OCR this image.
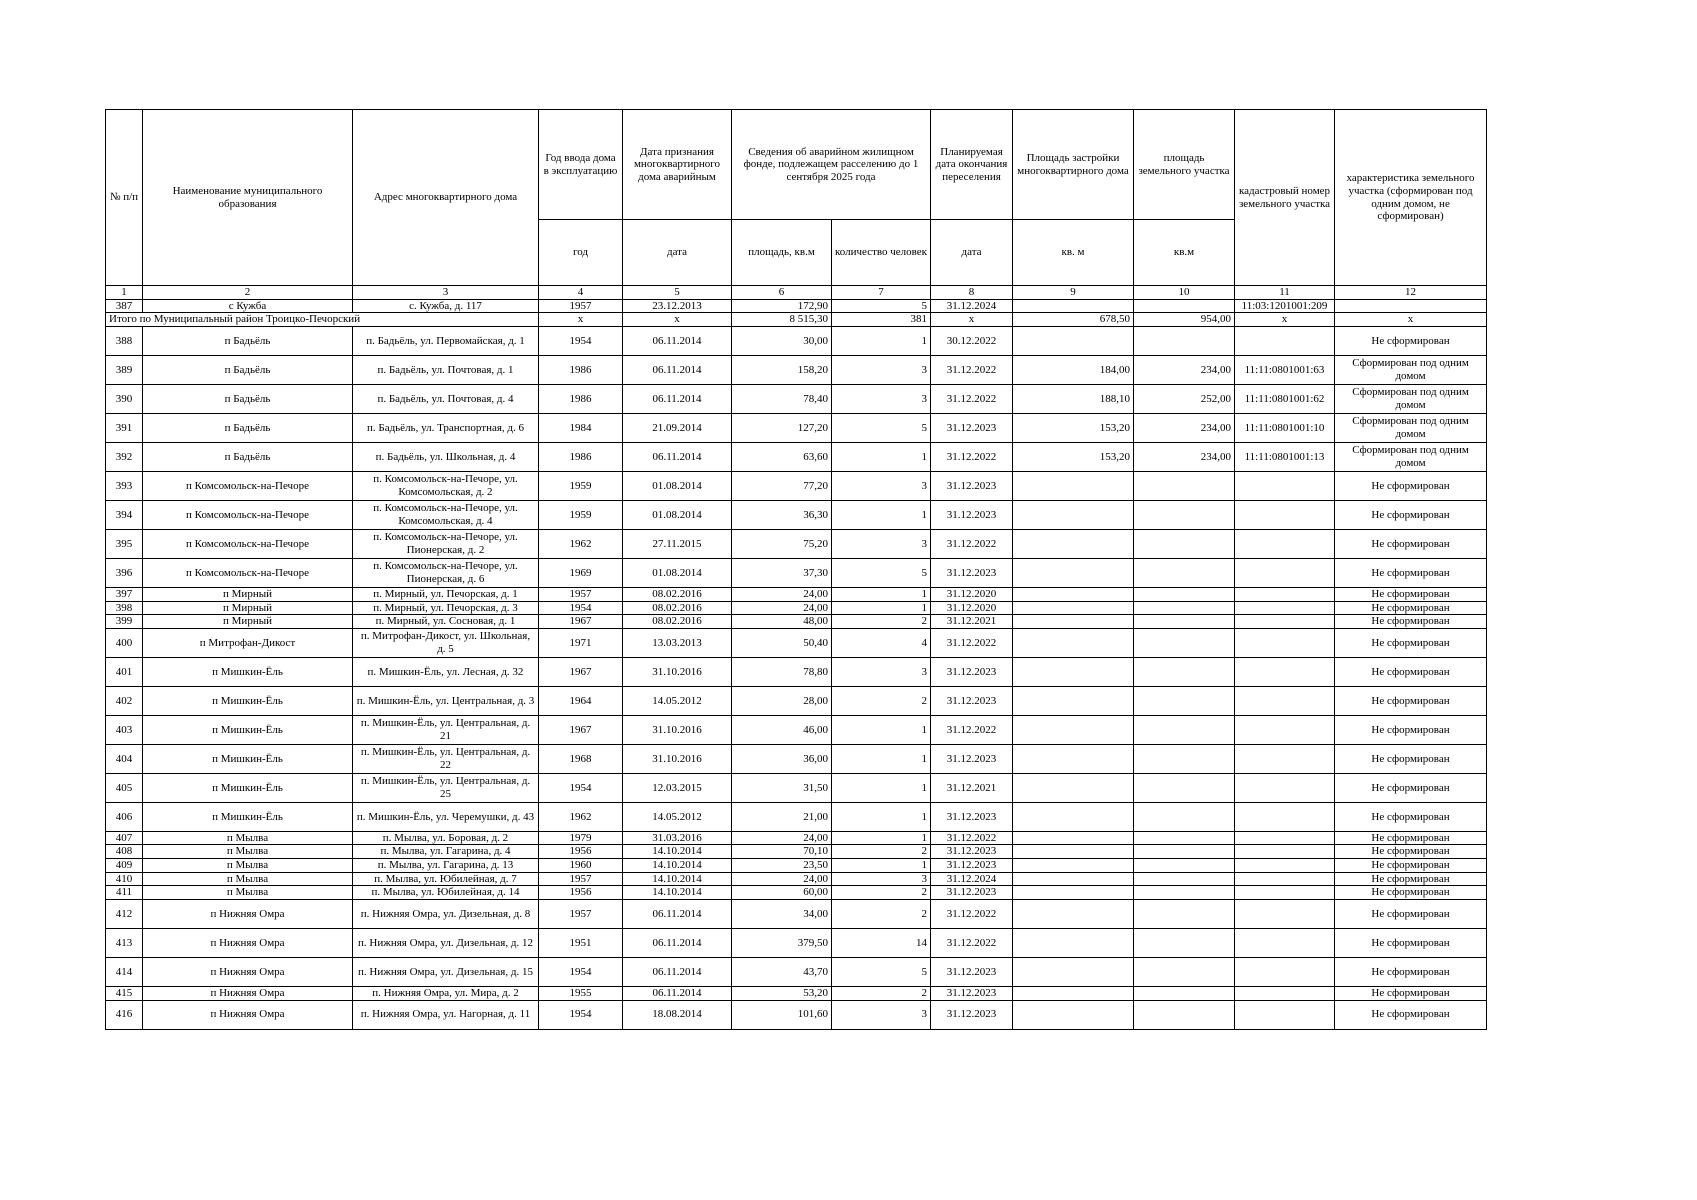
№ п/п	Наименование муниципального образования	Адрес многоквартирного дома	Год ввода дома в эксплуатацию	Дата признания многоквартирного дома аварийным	Сведения об аварийном жилищном фонде, подлежащем расселению до 1 сентября 2025 года		Планируемая дата окончания переселения	Площадь застройки многоквартирного дома	площадь земельного участка	кадастровый номер земельного участка	характеристика земельного участка (сформирован под одним домом, не сформирован)
			год	дата	площадь, кв.м	количество человек	дата	кв. м	кв.м		
1	2	3	4	5	6	7	8	9	10	11	12
387	с Кужба	с. Кужба, д. 117	1957	23.12.2013	172,90	5	31.12.2024			11:03:1201001:209	
Итого по Муниципальный район Троицко-Печорский			x	x	8 515,30	381	x	678,50	954,00	x	x
388	п Бадьёль	п. Бадьёль, ул. Первомайская, д. 1	1954	06.11.2014	30,00	1	30.12.2022				Не сформирован
389	п Бадьёль	п. Бадьёль, ул. Почтовая, д. 1	1986	06.11.2014	158,20	3	31.12.2022	184,00	234,00	11:11:0801001:63	Сформирован под одним домом
390	п Бадьёль	п. Бадьёль, ул. Почтовая, д. 4	1986	06.11.2014	78,40	3	31.12.2022	188,10	252,00	11:11:0801001:62	Сформирован под одним домом
391	п Бадьёль	п. Бадьёль, ул. Транспортная, д. 6	1984	21.09.2014	127,20	5	31.12.2023	153,20	234,00	11:11:0801001:10	Сформирован под одним домом
392	п Бадьёль	п. Бадьёль, ул. Школьная, д. 4	1986	06.11.2014	63,60	1	31.12.2022	153,20	234,00	11:11:0801001:13	Сформирован под одним домом
393	п Комсомольск-на-Печоре	п. Комсомольск-на-Печоре, ул. Комсомольская, д. 2	1959	01.08.2014	77,20	3	31.12.2023				Не сформирован
394	п Комсомольск-на-Печоре	п. Комсомольск-на-Печоре, ул. Комсомольская, д. 4	1959	01.08.2014	36,30	1	31.12.2023				Не сформирован
395	п Комсомольск-на-Печоре	п. Комсомольск-на-Печоре, ул. Пионерская, д. 2	1962	27.11.2015	75,20	3	31.12.2022				Не сформирован
396	п Комсомольск-на-Печоре	п. Комсомольск-на-Печоре, ул. Пионерская, д. 6	1969	01.08.2014	37,30	5	31.12.2023				Не сформирован
397	п Мирный	п. Мирный, ул. Печорская, д. 1	1957	08.02.2016	24,00	1	31.12.2020				Не сформирован
398	п Мирный	п. Мирный, ул. Печорская, д. 3	1954	08.02.2016	24,00	1	31.12.2020				Не сформирован
399	п Мирный	п. Мирный, ул. Сосновая, д. 1	1967	08.02.2016	48,00	2	31.12.2021				Не сформирован
400	п Митрофан-Дикост	п. Митрофан-Дикост, ул. Школьная, д. 5	1971	13.03.2013	50,40	4	31.12.2022				Не сформирован
401	п Мишкин-Ёль	п. Мишкин-Ёль, ул. Лесная, д. 32	1967	31.10.2016	78,80	3	31.12.2023				Не сформирован
402	п Мишкин-Ёль	п. Мишкин-Ёль, ул. Центральная, д. 3	1964	14.05.2012	28,00	2	31.12.2023				Не сформирован
403	п Мишкин-Ёль	п. Мишкин-Ёль, ул. Центральная, д. 21	1967	31.10.2016	46,00	1	31.12.2022				Не сформирован
404	п Мишкин-Ёль	п. Мишкин-Ёль, ул. Центральная, д. 22	1968	31.10.2016	36,00	1	31.12.2023				Не сформирован
405	п Мишкин-Ёль	п. Мишкин-Ёль, ул. Центральная, д. 25	1954	12.03.2015	31,50	1	31.12.2021				Не сформирован
406	п Мишкин-Ёль	п. Мишкин-Ёль, ул. Черемушки, д. 43	1962	14.05.2012	21,00	1	31.12.2023				Не сформирован
407	п Мылва	п. Мылва, ул. Боровая, д. 2	1979	31.03.2016	24,00	1	31.12.2022				Не сформирован
408	п Мылва	п. Мылва, ул. Гагарина, д. 4	1956	14.10.2014	70,10	2	31.12.2023				Не сформирован
409	п Мылва	п. Мылва, ул. Гагарина, д. 13	1960	14.10.2014	23,50	1	31.12.2023				Не сформирован
410	п Мылва	п. Мылва, ул. Юбилейная, д. 7	1957	14.10.2014	24,00	3	31.12.2024				Не сформирован
411	п Мылва	п. Мылва, ул. Юбилейная, д. 14	1956	14.10.2014	60,00	2	31.12.2023				Не сформирован
412	п Нижняя Омра	п. Нижняя Омра, ул. Дизельная, д. 8	1957	06.11.2014	34,00	2	31.12.2022				Не сформирован
413	п Нижняя Омра	п. Нижняя Омра, ул. Дизельная, д. 12	1951	06.11.2014	379,50	14	31.12.2022				Не сформирован
414	п Нижняя Омра	п. Нижняя Омра, ул. Дизельная, д. 15	1954	06.11.2014	43,70	5	31.12.2023				Не сформирован
415	п Нижняя Омра	п. Нижняя Омра, ул. Мира, д. 2	1955	06.11.2014	53,20	2	31.12.2023				Не сформирован
416	п Нижняя Омра	п. Нижняя Омра, ул. Нагорная, д. 11	1954	18.08.2014	101,60	3	31.12.2023				Не сформирован
